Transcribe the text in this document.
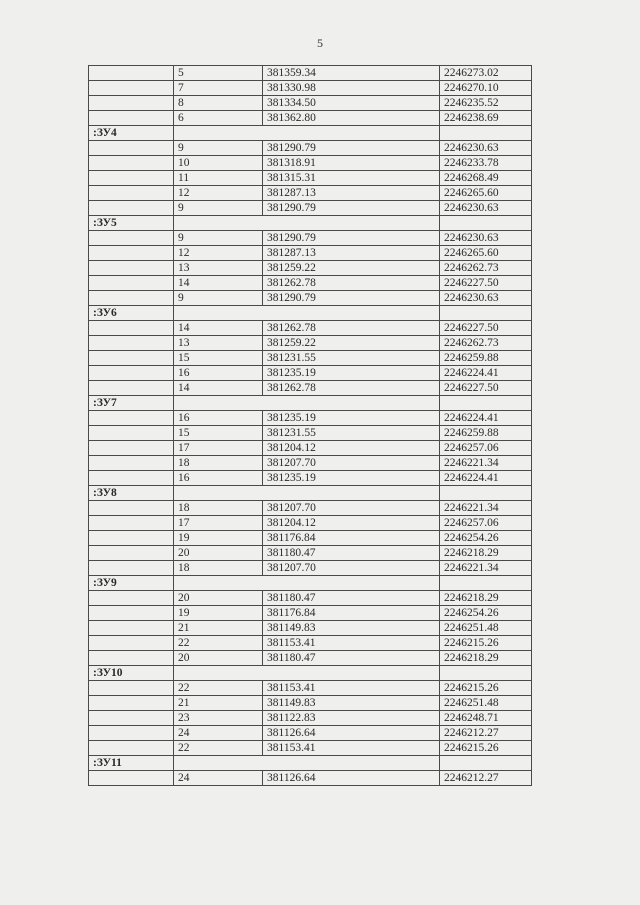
5
	5	381359.34	2246273.02
	7	381330.98	2246270.10
	8	381334.50	2246235.52
	6	381362.80	2246238.69
:ЗУ4			
	9	381290.79	2246230.63
	10	381318.91	2246233.78
	11	381315.31	2246268.49
	12	381287.13	2246265.60
	9	381290.79	2246230.63
:ЗУ5			
	9	381290.79	2246230.63
	12	381287.13	2246265.60
	13	381259.22	2246262.73
	14	381262.78	2246227.50
	9	381290.79	2246230.63
:ЗУ6			
	14	381262.78	2246227.50
	13	381259.22	2246262.73
	15	381231.55	2246259.88
	16	381235.19	2246224.41
	14	381262.78	2246227.50
:ЗУ7			
	16	381235.19	2246224.41
	15	381231.55	2246259.88
	17	381204.12	2246257.06
	18	381207.70	2246221.34
	16	381235.19	2246224.41
:ЗУ8			
	18	381207.70	2246221.34
	17	381204.12	2246257.06
	19	381176.84	2246254.26
	20	381180.47	2246218.29
	18	381207.70	2246221.34
:ЗУ9			
	20	381180.47	2246218.29
	19	381176.84	2246254.26
	21	381149.83	2246251.48
	22	381153.41	2246215.26
	20	381180.47	2246218.29
:ЗУ10			
	22	381153.41	2246215.26
	21	381149.83	2246251.48
	23	381122.83	2246248.71
	24	381126.64	2246212.27
	22	381153.41	2246215.26
:ЗУ11			
	24	381126.64	2246212.27
